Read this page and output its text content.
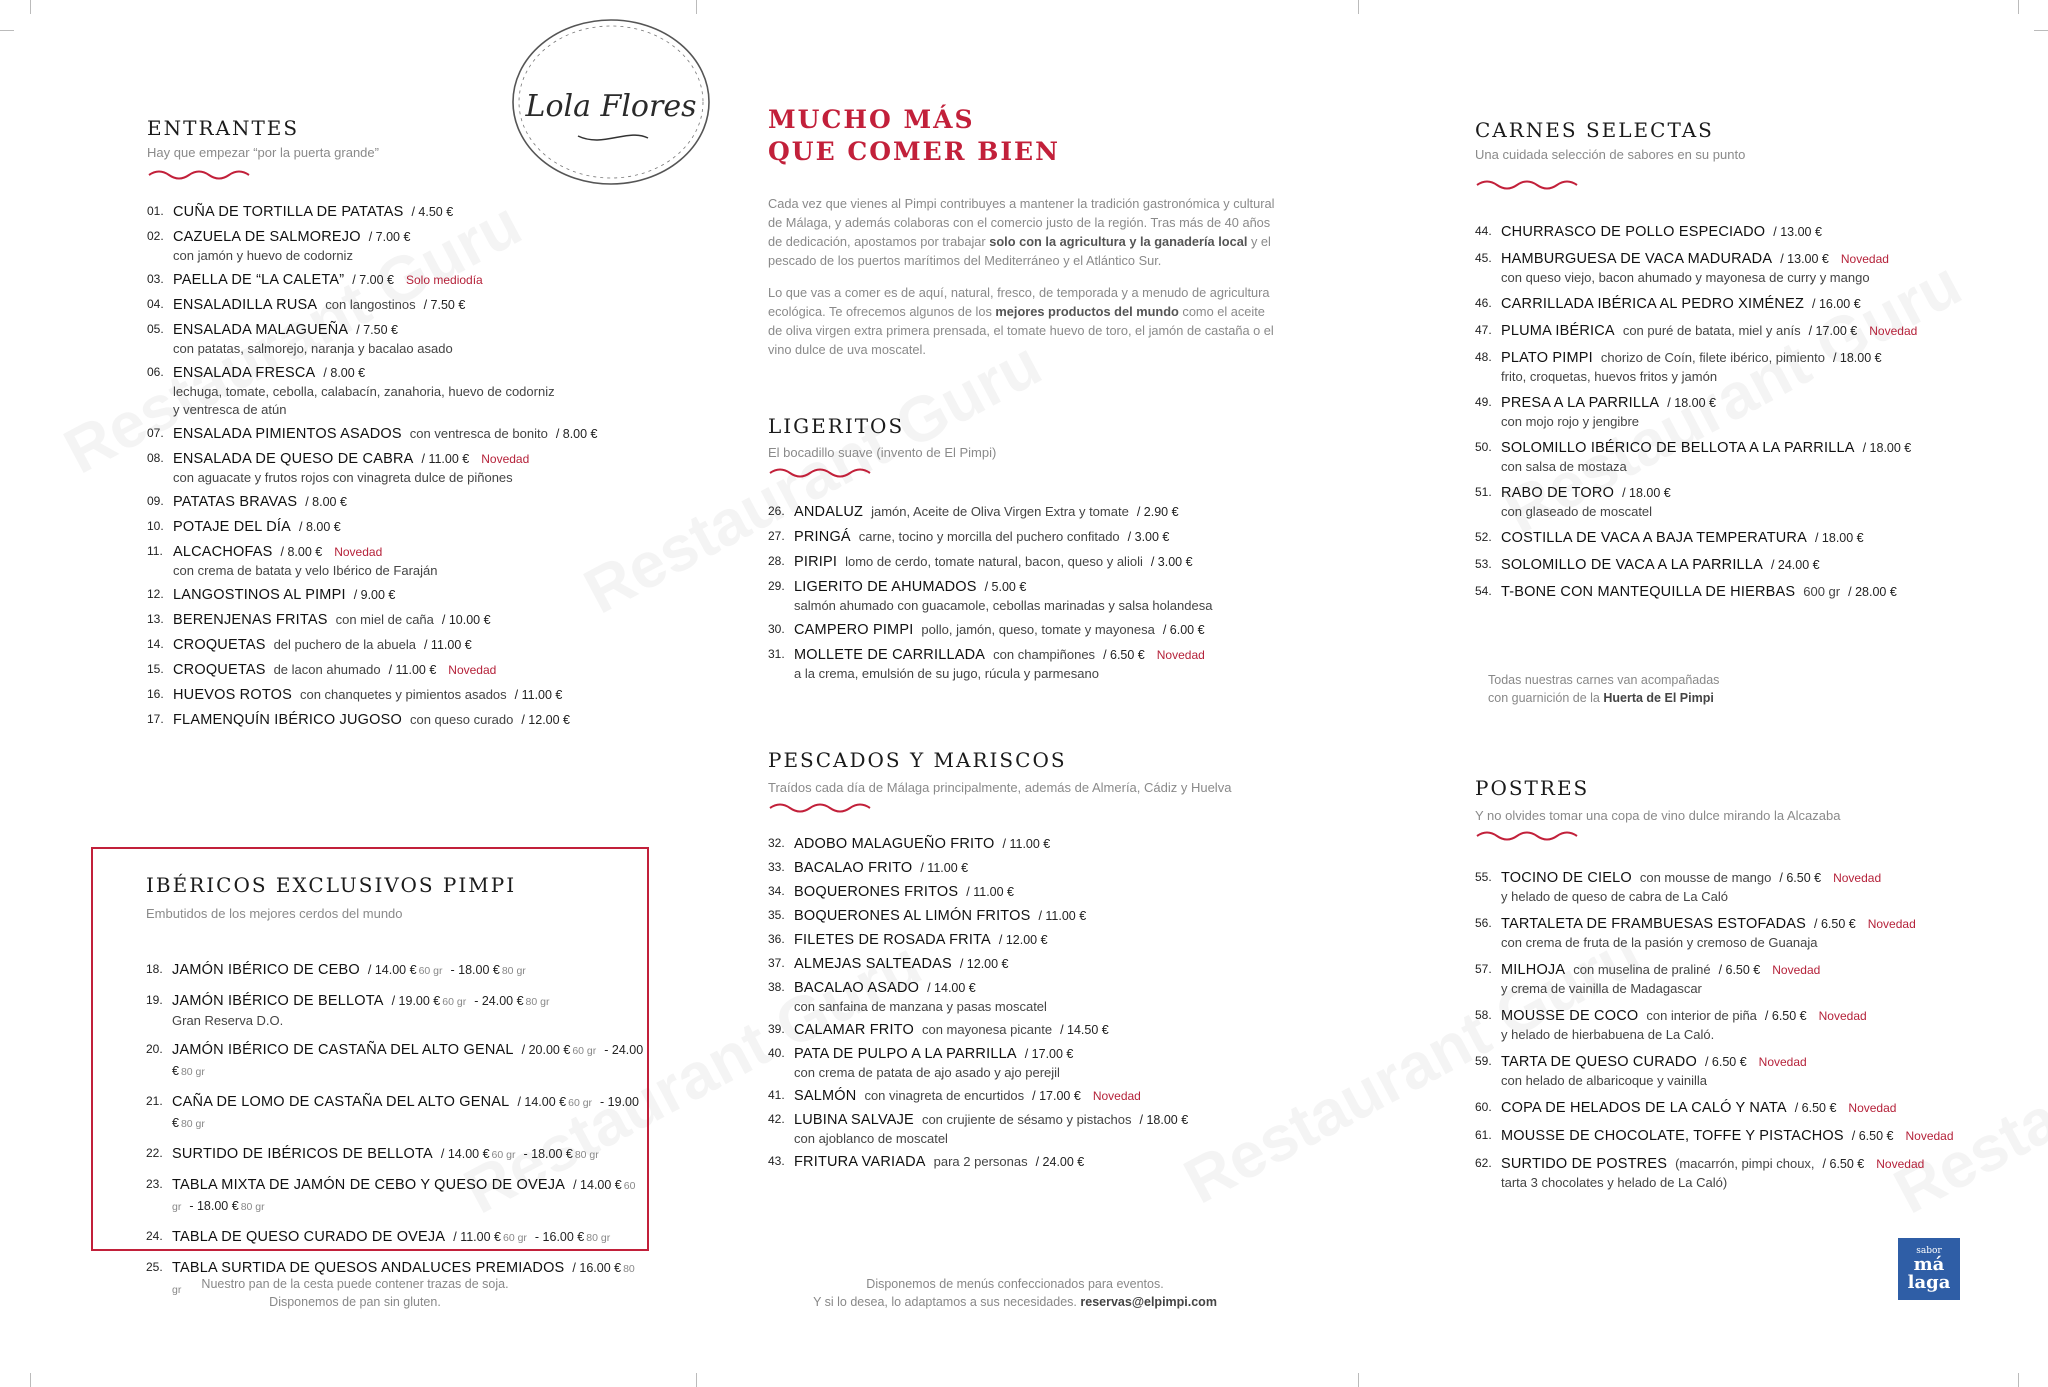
Lola Flores
ENTRANTES

Hay que empezar “por la puerta grande”

01. CUÑA DE TORTILLA DE PATATAS / 4.50 €
02. CAZUELA DE SALMOREJO / 7.00 €
con jamón y huevo de codorniz
03. PAELLA DE “LA CALETA” / 7.00 € Solo mediodía
04. ENSALADILLA RUSA con langostinos / 7.50 €
05. ENSALADA MALAGUEÑA / 7.50 €
con patatas, salmorejo, naranja y bacalao asado
06. ENSALADA FRESCA / 8.00 €
lechuga, tomate, cebolla, calabacín, zanahoria, huevo de codorniz
y ventresca de atún
07. ENSALADA PIMIENTOS ASADOS con ventresca de bonito / 8.00 €
08. ENSALADA DE QUESO DE CABRA / 11.00 € Novedad
con aguacate y frutos rojos con vinagreta dulce de piñones
09. PATATAS BRAVAS / 8.00 €
10. POTAJE DEL DÍA / 8.00 €
11. ALCACHOFAS / 8.00 € Novedad
con crema de batata y velo Ibérico de Faraján
12. LANGOSTINOS AL PIMPI / 9.00 €
13. BERENJENAS FRITAS con miel de caña / 10.00 €
14. CROQUETAS del puchero de la abuela / 11.00 €
15. CROQUETAS de lacon ahumado / 11.00 € Novedad
16. HUEVOS ROTOS con chanquetes y pimientos asados / 11.00 €
17. FLAMENQUÍN IBÉRICO JUGOSO con queso curado / 12.00 €
IBÉRICOS EXCLUSIVOS PIMPI

Embutidos de los mejores cerdos del mundo

18. JAMÓN IBÉRICO DE CEBO / 14.00 € 60 gr - 18.00 € 80 gr
19. JAMÓN IBÉRICO DE BELLOTA / 19.00 € 60 gr - 24.00 € 80 gr
Gran Reserva D.O.
20. JAMÓN IBÉRICO DE CASTAÑA DEL ALTO GENAL / 20.00 € 60 gr - 24.00 € 80 gr
21. CAÑA DE LOMO DE CASTAÑA DEL ALTO GENAL / 14.00 € 60 gr - 19.00 € 80 gr
22. SURTIDO DE IBÉRICOS DE BELLOTA / 14.00 € 60 gr - 18.00 € 80 gr
23. TABLA MIXTA DE JAMÓN DE CEBO Y QUESO DE OVEJA / 14.00 € 60 gr - 18.00 € 80 gr
24. TABLA DE QUESO CURADO DE OVEJA / 11.00 € 60 gr - 16.00 € 80 gr
25. TABLA SURTIDA DE QUESOS ANDALUCES PREMIADOS / 16.00 € 80 gr
MUCHO MÁS
QUE COMER BIEN

Cada vez que vienes al Pimpi contribuyes a mantener la tradición gastronómica y cultural de Málaga, y además colaboras con el comercio justo de la región. Tras más de 40 años de dedicación, apostamos por trabajar solo con la agricultura y la ganadería local y el pescado de los puertos marítimos del Mediterráneo y el Atlántico Sur.

Lo que vas a comer es de aquí, natural, fresco, de temporada y a menudo de agricultura ecológica. Te ofrecemos algunos de los mejores productos del mundo como el aceite de oliva virgen extra primera prensada, el tomate huevo de toro, el jamón de castaña o el vino dulce de uva moscatel.

LIGERITOS

El bocadillo suave (invento de El Pimpi)

26. ANDALUZ jamón, Aceite de Oliva Virgen Extra y tomate / 2.90 €
27. PRINGÁ carne, tocino y morcilla del puchero confitado / 3.00 €
28. PIRIPI lomo de cerdo, tomate natural, bacon, queso y alioli / 3.00 €
29. LIGERITO DE AHUMADOS / 5.00 €
salmón ahumado con guacamole, cebollas marinadas y salsa holandesa
30. CAMPERO PIMPI pollo, jamón, queso, tomate y mayonesa / 6.00 €
31. MOLLETE DE CARRILLADA con champiñones / 6.50 € Novedad
a la crema, emulsión de su jugo, rúcula y parmesano
PESCADOS Y MARISCOS

Traídos cada día de Málaga principalmente, además de Almería, Cádiz y Huelva

32. ADOBO MALAGUEÑO FRITO / 11.00 €
33. BACALAO FRITO / 11.00 €
34. BOQUERONES FRITOS / 11.00 €
35. BOQUERONES AL LIMÓN FRITOS / 11.00 €
36. FILETES DE ROSADA FRITA / 12.00 €
37. ALMEJAS SALTEADAS / 12.00 €
38. BACALAO ASADO / 14.00 €
con sanfaina de manzana y pasas moscatel
39. CALAMAR FRITO con mayonesa picante / 14.50 €
40. PATA DE PULPO A LA PARRILLA / 17.00 €
con crema de patata de ajo asado y ajo perejil
41. SALMÓN con vinagreta de encurtidos / 17.00 € Novedad
42. LUBINA SALVAJE con crujiente de sésamo y pistachos / 18.00 €
con ajoblanco de moscatel
43. FRITURA VARIADA para 2 personas / 24.00 €
CARNES SELECTAS

Una cuidada selección de sabores en su punto

44. CHURRASCO DE POLLO ESPECIADO / 13.00 €
45. HAMBURGUESA DE VACA MADURADA / 13.00 € Novedad
con queso viejo, bacon ahumado y mayonesa de curry y mango
46. CARRILLADA IBÉRICA AL PEDRO XIMÉNEZ / 16.00 €
47. PLUMA IBÉRICA con puré de batata, miel y anís / 17.00 € Novedad
48. PLATO PIMPI chorizo de Coín, filete ibérico, pimiento / 18.00 €
frito, croquetas, huevos fritos y jamón
49. PRESA A LA PARRILLA / 18.00 €
con mojo rojo y jengibre
50. SOLOMILLO IBÉRICO DE BELLOTA A LA PARRILLA / 18.00 €
con salsa de mostaza
51. RABO DE TORO / 18.00 €
con glaseado de moscatel
52. COSTILLA DE VACA A BAJA TEMPERATURA / 18.00 €
53. SOLOMILLO DE VACA A LA PARRILLA / 24.00 €
54. T-BONE CON MANTEQUILLA DE HIERBAS 600 gr / 28.00 €

Todas nuestras carnes van acompañadas
con guarnición de la Huerta de El Pimpi

POSTRES

Y no olvides tomar una copa de vino dulce mirando la Alcazaba

55. TOCINO DE CIELO con mousse de mango / 6.50 € Novedad
y helado de queso de cabra de La Caló
56. TARTALETA DE FRAMBUESAS ESTOFADAS / 6.50 € Novedad
con crema de fruta de la pasión y cremoso de Guanaja
57. MILHOJA con muselina de praliné / 6.50 € Novedad
y crema de vainilla de Madagascar
58. MOUSSE DE COCO con interior de piña / 6.50 € Novedad
y helado de hierbabuena de La Caló.
59. TARTA DE QUESO CURADO / 6.50 € Novedad
con helado de albaricoque y vainilla
60. COPA DE HELADOS DE LA CALÓ Y NATA / 6.50 € Novedad
61. MOUSSE DE CHOCOLATE, TOFFE Y PISTACHOS / 6.50 € Novedad
62. SURTIDO DE POSTRES (macarrón, pimpi choux, / 6.50 € Novedad
tarta 3 chocolates y helado de La Caló)

Nuestro pan de la cesta puede contener trazas de soja.
Disponemos de pan sin gluten.

Disponemos de menús confeccionados para eventos.
Y si lo desea, lo adaptamos a sus necesidades. reservas@elpimpi.com

sabor
má
laga
